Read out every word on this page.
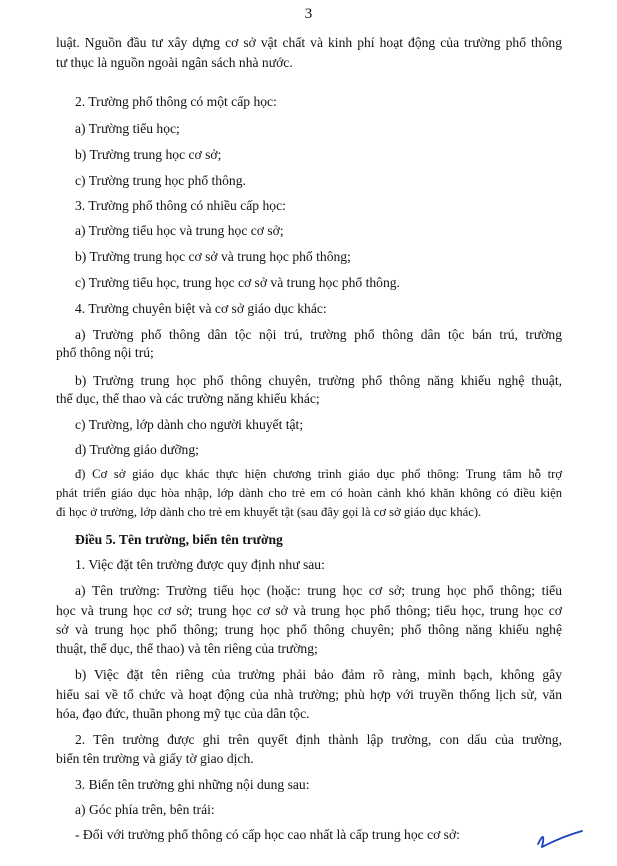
3
luật. Nguồn đầu tư xây dựng cơ sở vật chất và kinh phí hoạt động của trường phổ thông
tư thục là nguồn ngoài ngân sách nhà nước.
2. Trường phổ thông có một cấp học:
a) Trường tiểu học;
b) Trường trung học cơ sở;
c) Trường trung học phổ thông.
3. Trường phổ thông có nhiều cấp học:
a) Trường tiểu học và trung học cơ sở;
b) Trường trung học cơ sở và trung học phổ thông;
c) Trường tiểu học, trung học cơ sở và trung học phổ thông.
4. Trường chuyên biệt và cơ sở giáo dục khác:
a) Trường phổ thông dân tộc nội trú, trường phổ thông dân tộc bán trú, trường
phổ thông nội trú;
b) Trường trung học phổ thông chuyên, trường phổ thông năng khiếu nghệ thuật,
thể dục, thể thao và các trường năng khiếu khác;
c) Trường, lớp dành cho người khuyết tật;
d) Trường giáo dưỡng;
đ) Cơ sở giáo dục khác thực hiện chương trình giáo dục phổ thông: Trung tâm hỗ trợ
phát triển giáo dục hòa nhập, lớp dành cho trẻ em có hoàn cảnh khó khăn không có điều kiện
đi học ở trường, lớp dành cho trẻ em khuyết tật (sau đây gọi là cơ sở giáo dục khác).
Điều 5. Tên trường, biển tên trường
1. Việc đặt tên trường được quy định như sau:
a) Tên trường: Trường tiểu học (hoặc: trung học cơ sở; trung học phổ thông; tiểu
học và trung học cơ sở; trung học cơ sở và trung học phổ thông; tiểu học, trung học cơ
sở và trung học phổ thông; trung học phổ thông chuyên; phổ thông năng khiếu nghệ
thuật, thể dục, thể thao) và tên riêng của trường;
b) Việc đặt tên riêng của trường phải bảo đảm rõ ràng, minh bạch, không gây
hiểu sai về tổ chức và hoạt động của nhà trường; phù hợp với truyền thống lịch sử, văn
hóa, đạo đức, thuần phong mỹ tục của dân tộc.
2. Tên trường được ghi trên quyết định thành lập trường, con dấu của trường,
biển tên trường và giấy tờ giao dịch.
3. Biển tên trường ghi những nội dung sau:
a) Góc phía trên, bên trái:
- Đối với trường phổ thông có cấp học cao nhất là cấp trung học cơ sở:
